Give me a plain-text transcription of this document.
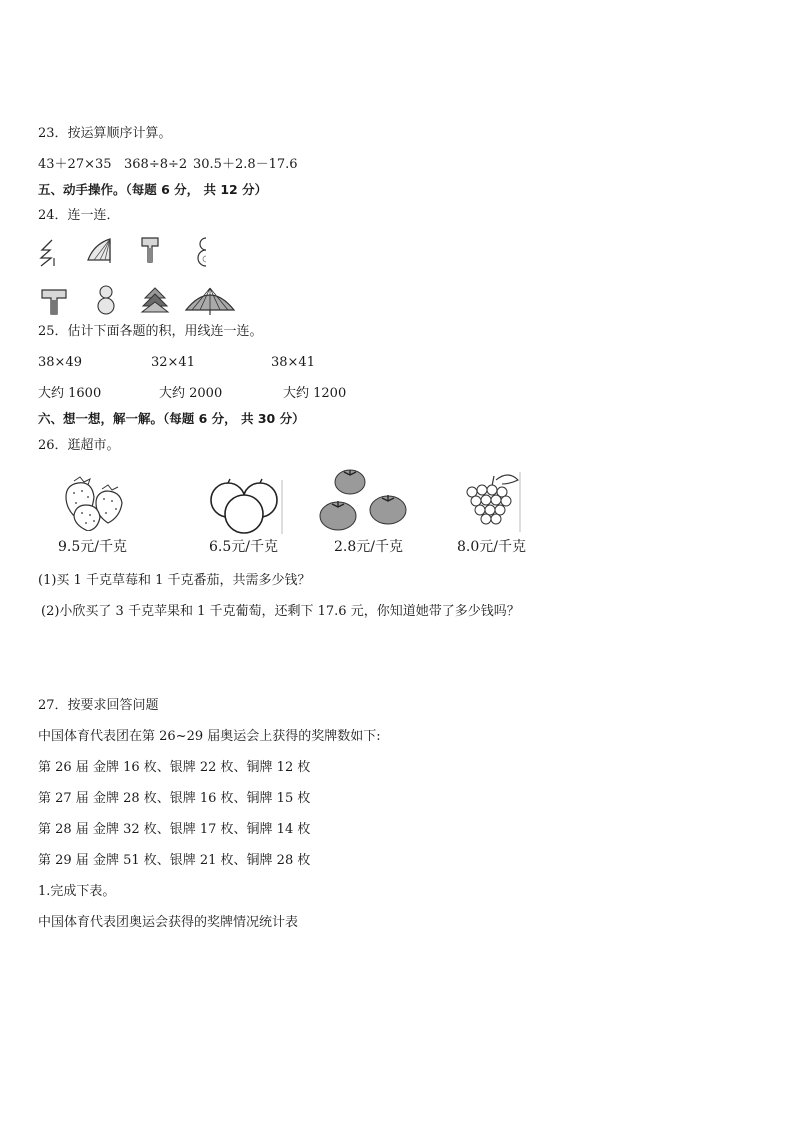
23．按运算顺序计算。
43＋27×35 368÷8÷2 30.5＋2.8－17.6
五、动手操作。（每题 6 分， 共 12 分）
24．连一连．
25．估计下面各题的积，用线连一连。
38×49	32×41	38×41
大约 1600	大约 2000	大约 1200
六、想一想，解一解。（每题 6 分， 共 30 分）
26．逛超市。
9.5元/千克	6.5元/千克	2.8元/千克	8.0元/千克
(1)买 1 千克草莓和 1 千克番茄，共需多少钱？
(2)小欣买了 3 千克苹果和 1 千克葡萄，还剩下 17.6 元，你知道她带了多少钱吗？
27．按要求回答问题
中国体育代表团在第 26~29 届奥运会上获得的奖牌数如下:
第 26 届 金牌 16 枚、银牌 22 枚、铜牌 12 枚
第 27 届 金牌 28 枚、银牌 16 枚、铜牌 15 枚
第 28 届 金牌 32 枚、银牌 17 枚、铜牌 14 枚
第 29 届 金牌 51 枚、银牌 21 枚、铜牌 28 枚
1.完成下表。
中国体育代表团奥运会获得的奖牌情况统计表
